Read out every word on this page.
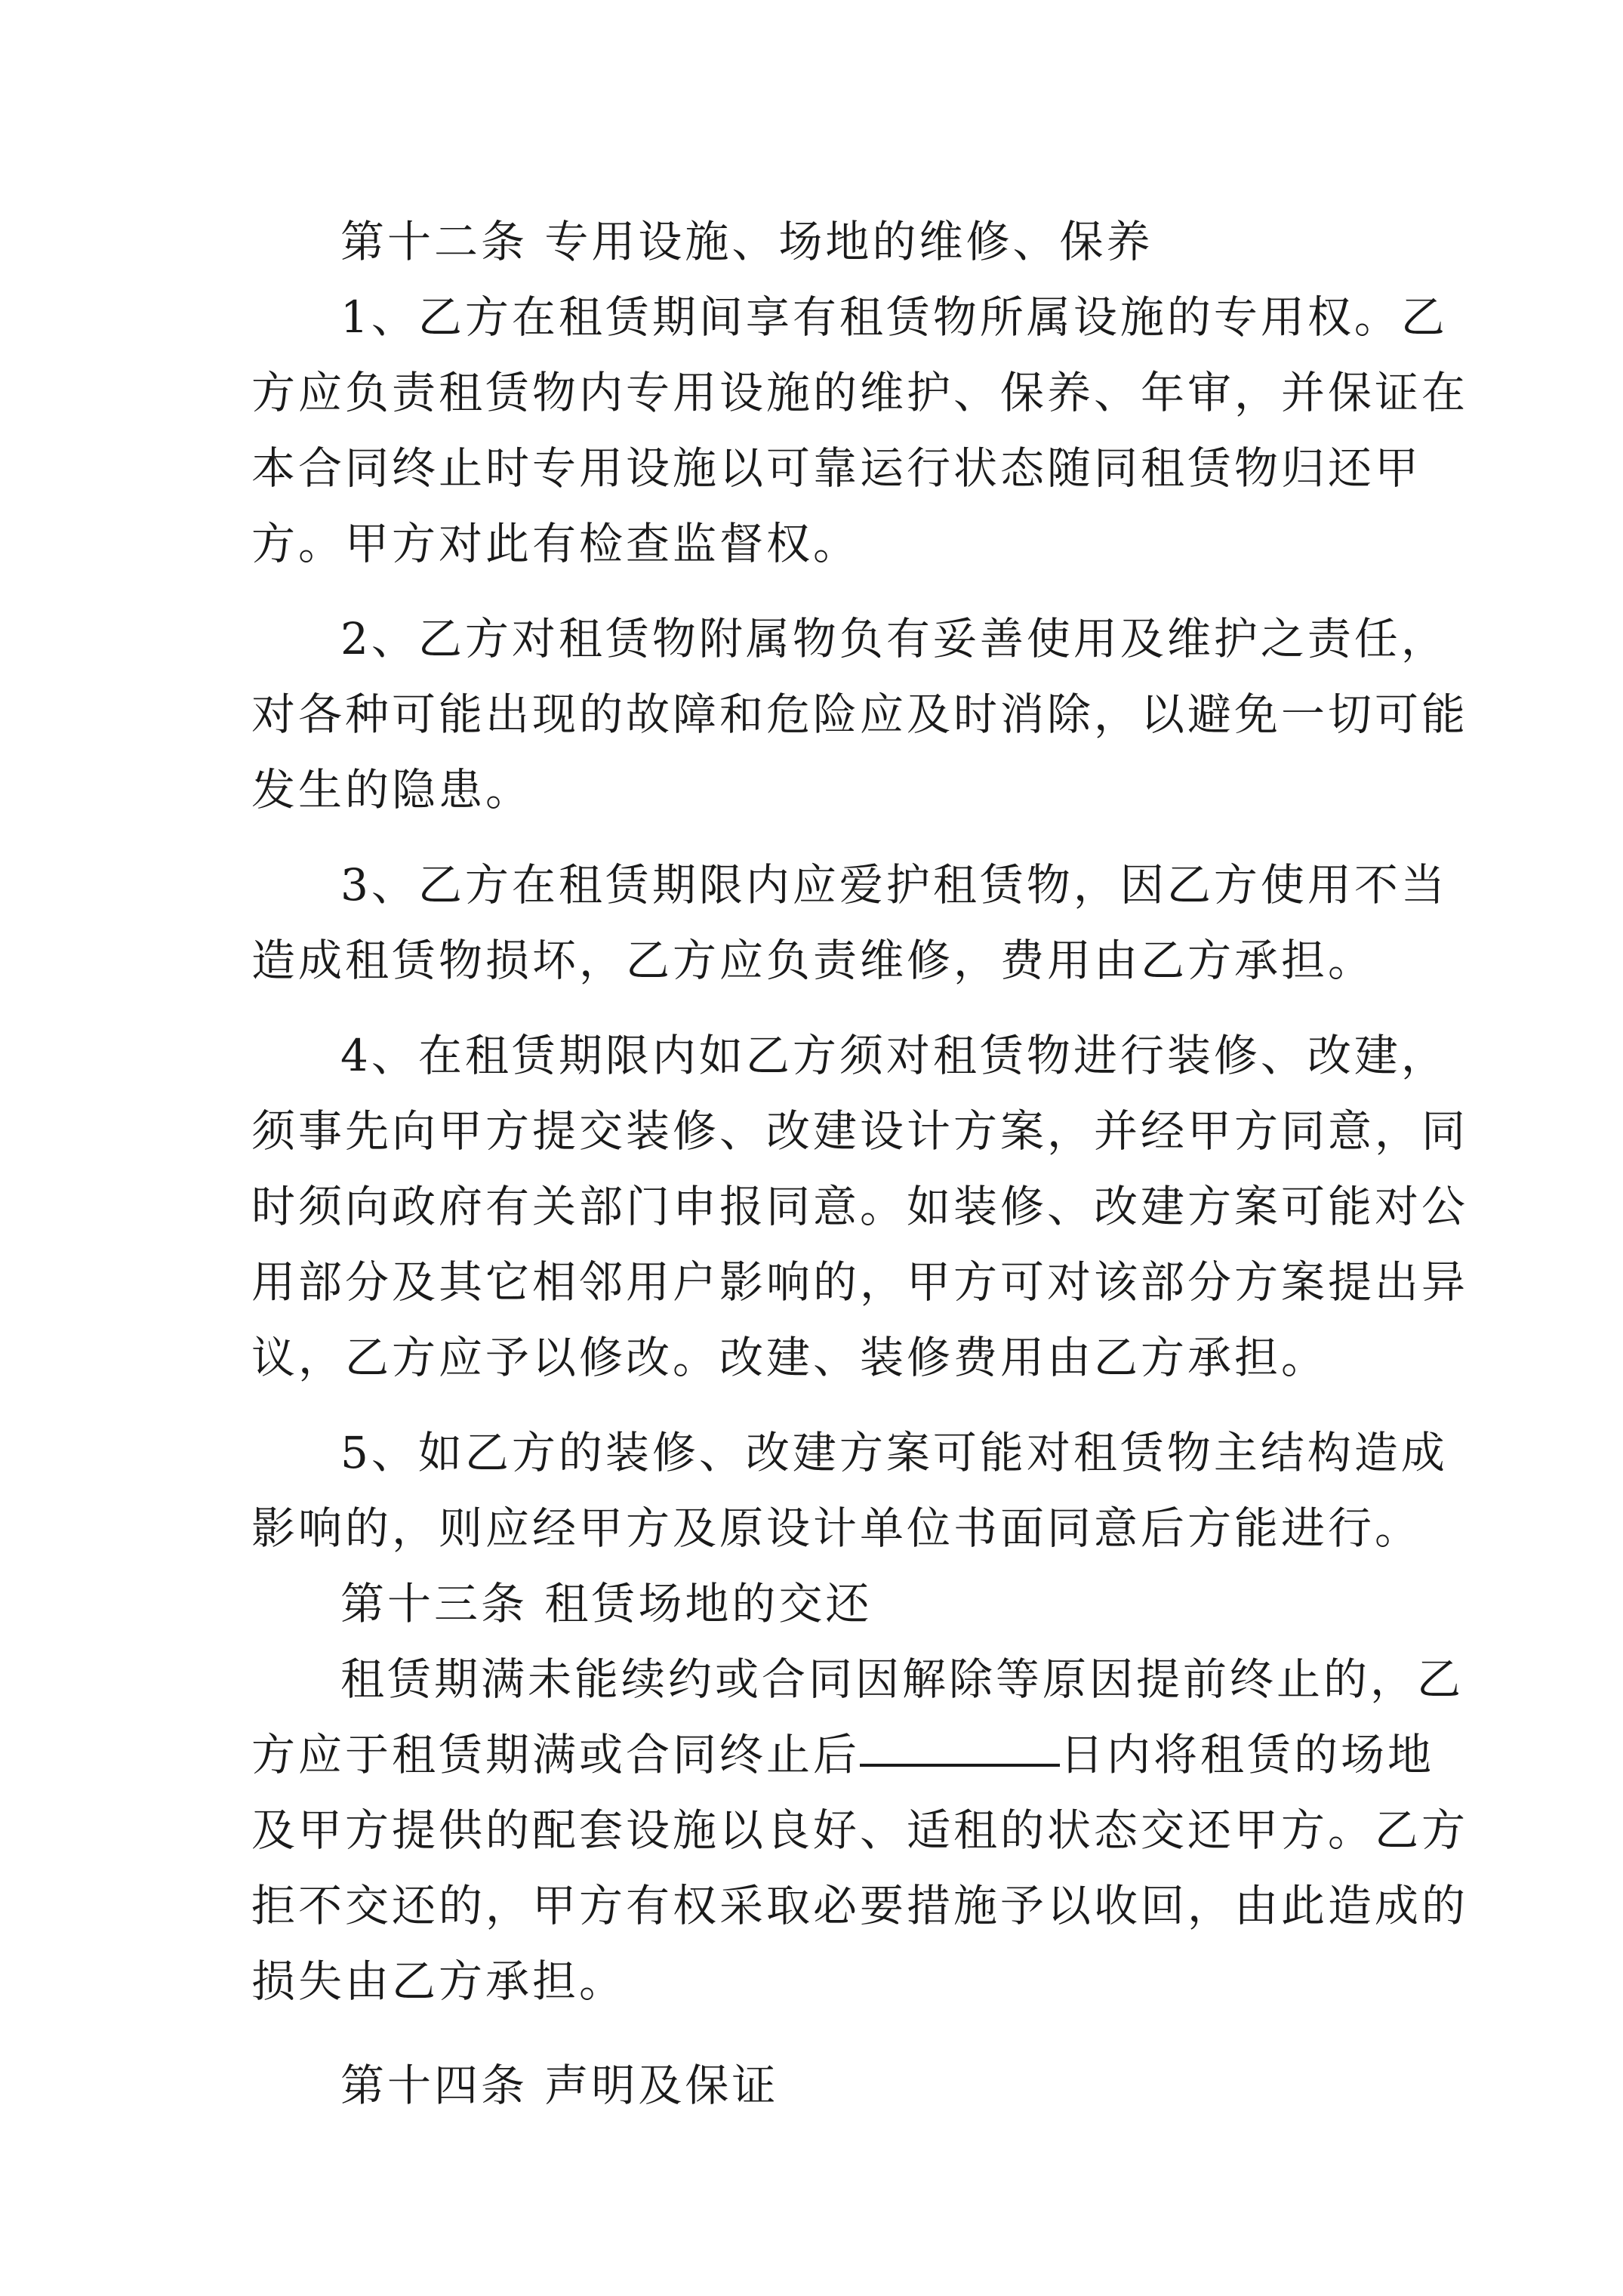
第十二条 专用设施、场地的维修、保养
1、乙方在租赁期间享有租赁物所属设施的专用权。乙
方应负责租赁物内专用设施的维护、保养、年审，并保证在
本合同终止时专用设施以可靠运行状态随同租赁物归还甲
方。甲方对此有检查监督权。
2、乙方对租赁物附属物负有妥善使用及维护之责任，
对各种可能出现的故障和危险应及时消除，以避免一切可能
发生的隐患。
3、乙方在租赁期限内应爱护租赁物，因乙方使用不当
造成租赁物损坏，乙方应负责维修，费用由乙方承担。
4、在租赁期限内如乙方须对租赁物进行装修、改建，
须事先向甲方提交装修、改建设计方案，并经甲方同意，同
时须向政府有关部门申报同意。如装修、改建方案可能对公
用部分及其它相邻用户影响的，甲方可对该部分方案提出异
议，乙方应予以修改。改建、装修费用由乙方承担。
5、如乙方的装修、改建方案可能对租赁物主结构造成
影响的，则应经甲方及原设计单位书面同意后方能进行。
第十三条 租赁场地的交还
租赁期满未能续约或合同因解除等原因提前终止的，乙
方应于租赁期满或合同终止后	日内将租赁的场地
及甲方提供的配套设施以良好、适租的状态交还甲方。乙方
拒不交还的，甲方有权采取必要措施予以收回，由此造成的
损失由乙方承担。
第十四条 声明及保证
